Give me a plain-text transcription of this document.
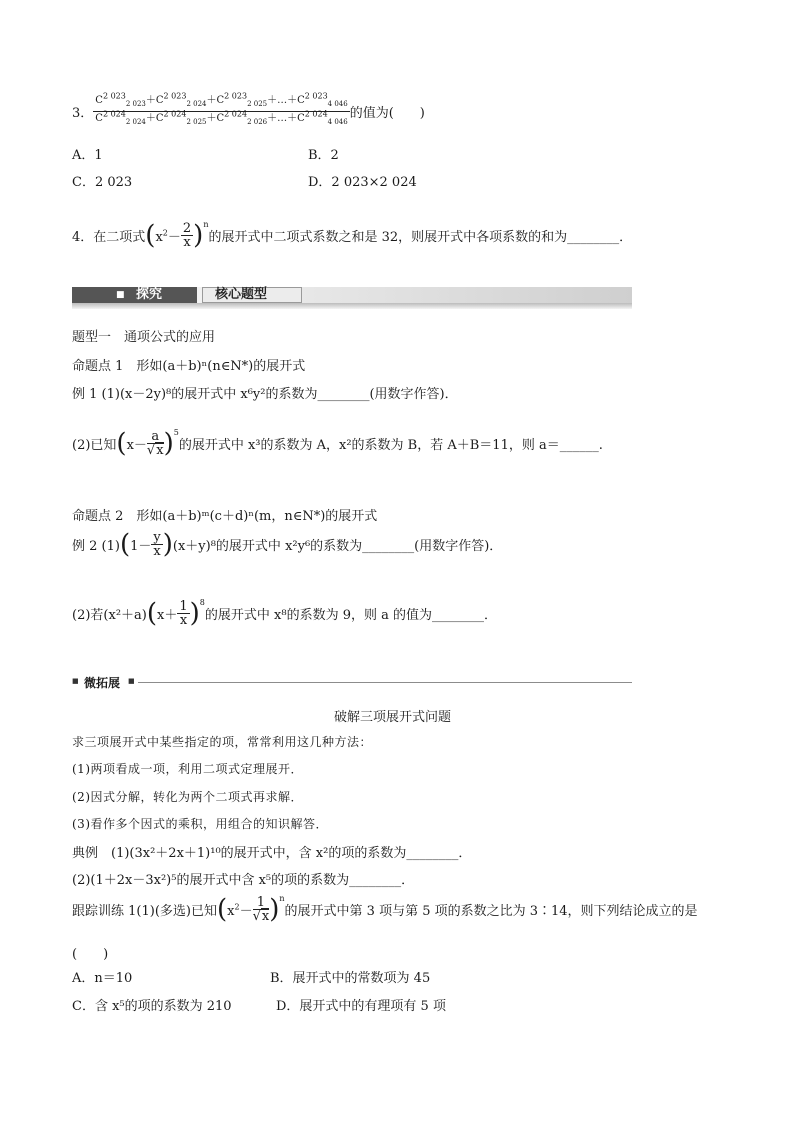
3． $\frac{C^{2 023}_{2 023}+C^{2 023}_{2 024}+C^{2 023}_{2 025}+\dots+C^{2 023}_{4 046}}{C^{2 024}_{2 024}+C^{2 024}_{2 025}+C^{2 024}_{2 026}+\dots+C^{2 024}_{4 046}}$ 的值为(　　)
A．1	B．2
C．2 023	D．2 023×2 024
4．在二项式$(x^2- \frac{2}{x} )^n$的展开式中二项式系数之和是 32，则展开式中各项系数的和为________．
■ 探究	核心题型
题型一　通项公式的应用
命题点 1　形如(a＋b)ⁿ(n∈N*)的展开式
例 1 (1)(x－2y)⁸的展开式中 x⁶y²的系数为________(用数字作答)．
(2)已知$(x- \frac{a}{√x} )^5$的展开式中 x³的系数为 A，x²的系数为 B，若 A＋B＝11，则 a＝______.
命题点 2　形如(a＋b)ᵐ(c＋d)ⁿ(m，n∈N*)的展开式
例 2 $(1)(1- \frac{y}{x} )(x+y)^8$的展开式中 x²y⁶的系数为________(用数字作答)．
(2)若$(x^2+a)(x+ \frac{1}{x} )^8$的展开式中 x⁸的系数为 9，则 a 的值为________．
■ 微拓展 ■
破解三项展开式问题
求三项展开式中某些指定的项，常常利用这几种方法：
(1)两项看成一项，利用二项式定理展开．
(2)因式分解，转化为两个二项式再求解．
(3)看作多个因式的乘积，用组合的知识解答．
典例　(1)(3x²＋2x＋1)¹⁰的展开式中，含 x²的项的系数为________．
(2)(1＋2x－3x²)⁵的展开式中含 x⁵的项的系数为________．
跟踪训练 1(1)(多选)已知$(x^2- \frac{1}{√x} )^n$的展开式中第 3 项与第 5 项的系数之比为 3∶14，则下列结论成立的是
(　　)
A．n＝10	B．展开式中的常数项为 45
C．含 x⁵的项的系数为 210	D．展开式中的有理项有 5 项
